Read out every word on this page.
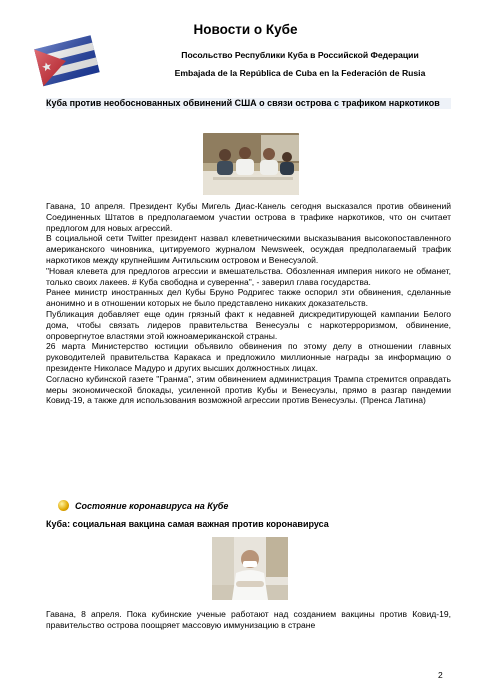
Новости о Кубе
Посольство Республики Куба в Российской Федерации
Embajada de la República de Cuba en la Federación de Rusia
Куба против необоснованных обвинений США о связи острова с трафиком наркотиков

Гавана, 10 апреля. Президент Кубы Мигель Диас-Канель сегодня высказался против обвинений Соединенных Штатов в предполагаемом участии острова в трафике наркотиков, что он считает предлогом для новых агрессий.

В социальной сети Twitter президент назвал клеветническими высказывания высокопоставленного американского чиновника, цитируемого журналом Newsweek, осуждая предполагаемый трафик наркотиков между крупнейшим Антильским островом и Венесуэлой.

"Новая клевета для предлогов агрессии и вмешательства. Обозленная империя никого не обманет, только своих лакеев. # Куба свободна и суверенна", - заверил глава государства.

Ранее министр иностранных дел Кубы Бруно Родригес также оспорил эти обвинения, сделанные анонимно и в отношении которых не было представлено никаких доказательств.

Публикация добавляет еще один грязный факт к недавней дискредитирующей кампании Белого дома, чтобы связать лидеров правительства Венесуэлы с наркотерроризмом, обвинение, опровергнутое властями этой южноамериканской страны.

26 марта Министерство юстиции объявило обвинения по этому делу в отношении главных руководителей правительства Каракаса и предложило миллионные награды за информацию о президенте Николасе Мадуро и других высших должностных лицах.

Согласно кубинской газете "Гранма", этим обвинением администрация Трампа стремится оправдать меры экономической блокады, усиленной против Кубы и Венесуэлы, прямо в разгар пандемии Ковид-19, а также для использования возможной агрессии против Венесуэлы. (Пренса Латина)

Состояние коронавируса на Кубе
Куба: социальная вакцина самая важная против коронавируса

Гавана, 8 апреля. Пока кубинские ученые работают над созданием вакцины против Ковид-19, правительство острова поощряет массовую иммунизацию в стране

2
